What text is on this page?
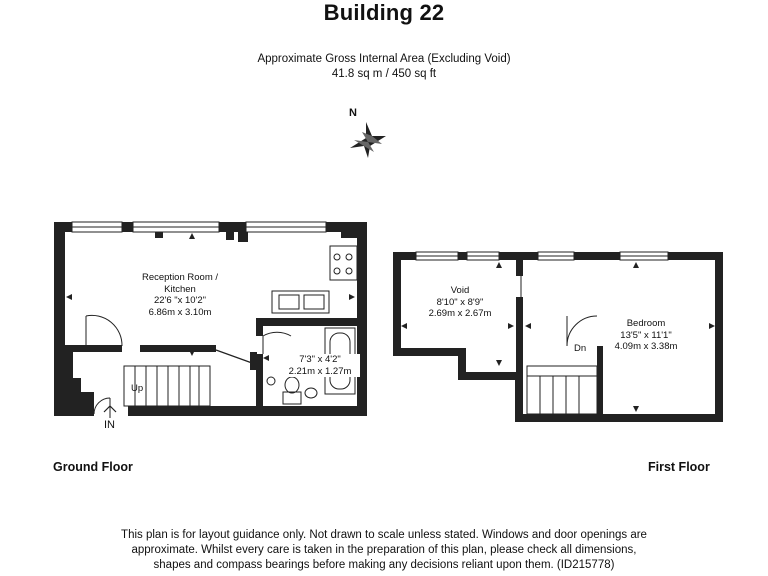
Building 22
Approximate Gross Internal Area (Excluding Void)
41.8 sq m / 450 sq ft
N
Reception Room /
Kitchen
22'6 "x 10'2"
6.86m x 3.10m
7'3" x 4'2"
2.21m x 1.27m
Up
IN
Void
8'10" x 8'9"
2.69m x 2.67m
Bedroom
13'5" x 11'1"
4.09m x 3.38m
Dn
Ground Floor	First Floor
This plan is for layout guidance only. Not drawn to scale unless stated. Windows and door openings are
approximate. Whilst every care is taken in the preparation of this plan, please check all dimensions,
shapes and compass bearings before making any decisions reliant upon them. (ID215778)
